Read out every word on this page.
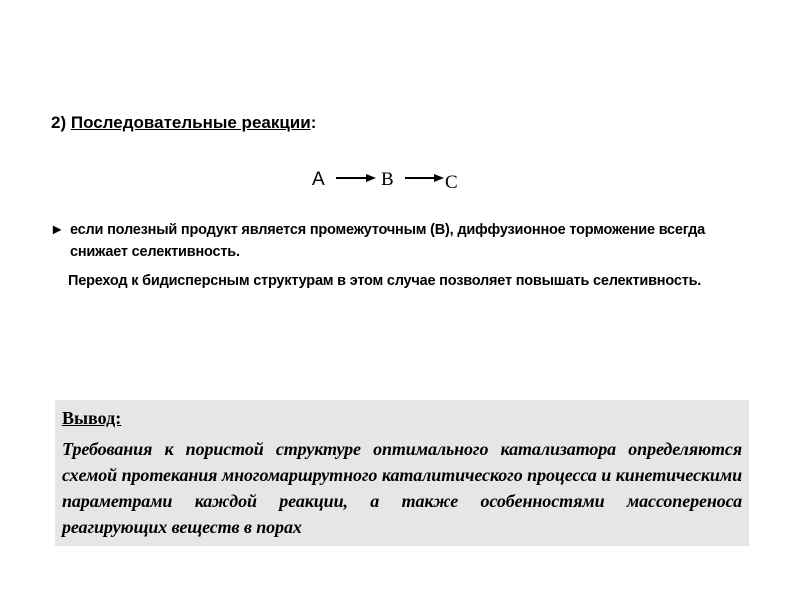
2) Последовательные реакции:
A	B	C
► если полезный продукт является промежуточным (В), диффузионное торможение всегда
снижает селективность.
Переход к бидисперсным структурам в этом случае позволяет повышать селективность.
Вывод:
Требования к пористой структуре оптимального катализатора определяются схемой протекания многомаршрутного каталитического процесса и кинетическими параметрами каждой реакции, а также особенностями массопереноса реагирующих веществ в порах
